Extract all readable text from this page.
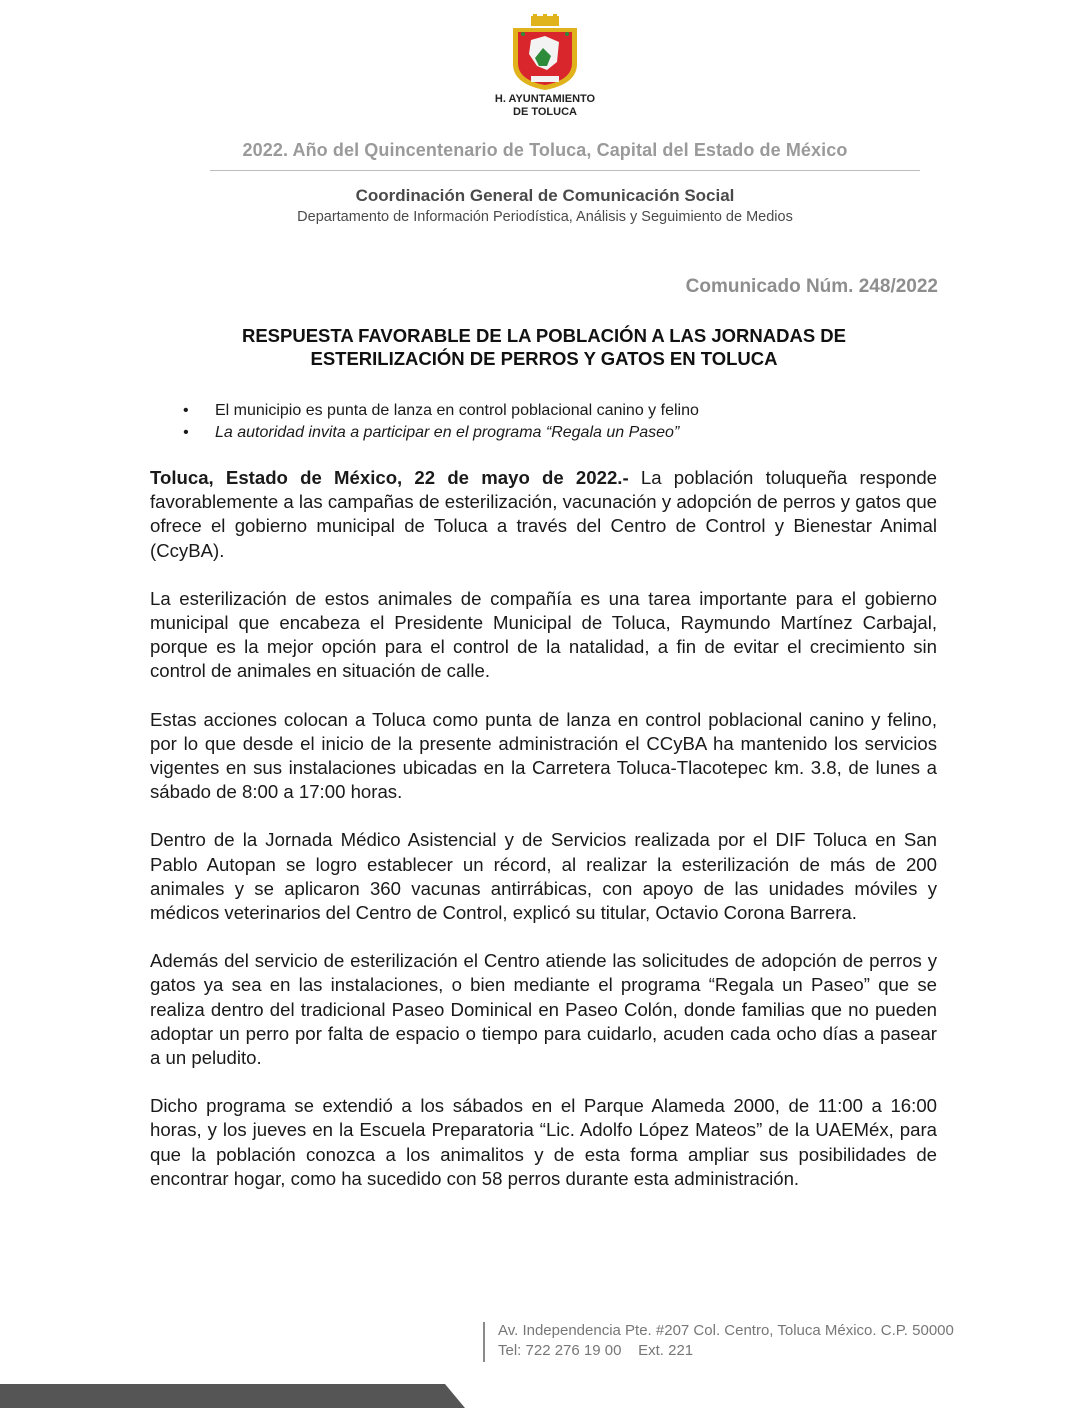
H. AYUNTAMIENTO
DE TOLUCA
2022. Año del Quincentenario de Toluca, Capital del Estado de México
Coordinación General de Comunicación Social
Departamento de Información Periodística, Análisis y Seguimiento de Medios
Comunicado Núm. 248/2022
RESPUESTA FAVORABLE DE LA POBLACIÓN A LAS JORNADAS DE
ESTERILIZACIÓN DE PERROS Y GATOS EN TOLUCA
• El municipio es punta de lanza en control poblacional canino y felino
• La autoridad invita a participar en el programa “Regala un Paseo”

Toluca, Estado de México, 22 de mayo de 2022.- La población toluqueña responde favorablemente a las campañas de esterilización, vacunación y adopción de perros y gatos que ofrece el gobierno municipal de Toluca a través del Centro de Control y Bienestar Animal (CcyBA).

La esterilización de estos animales de compañía es una tarea importante para el gobierno municipal que encabeza el Presidente Municipal de Toluca, Raymundo Martínez Carbajal, porque es la mejor opción para el control de la natalidad, a fin de evitar el crecimiento sin control de animales en situación de calle.

Estas acciones colocan a Toluca como punta de lanza en control poblacional canino y felino, por lo que desde el inicio de la presente administración el CCyBA ha mantenido los servicios vigentes en sus instalaciones ubicadas en la Carretera Toluca-Tlacotepec km. 3.8, de lunes a sábado de 8:00 a 17:00 horas.

Dentro de la Jornada Médico Asistencial y de Servicios realizada por el DIF Toluca en San Pablo Autopan se logro establecer un récord, al realizar la esterilización de más de 200 animales y se aplicaron 360 vacunas antirrábicas, con apoyo de las unidades móviles y médicos veterinarios del Centro de Control, explicó su titular, Octavio Corona Barrera.

Además del servicio de esterilización el Centro atiende las solicitudes de adopción de perros y gatos ya sea en las instalaciones, o bien mediante el programa “Regala un Paseo” que se realiza dentro del tradicional Paseo Dominical en Paseo Colón, donde familias que no pueden adoptar un perro por falta de espacio o tiempo para cuidarlo, acuden cada ocho días a pasear a un peludito.

Dicho programa se extendió a los sábados en el Parque Alameda 2000, de 11:00 a 16:00 horas, y los jueves en la Escuela Preparatoria “Lic. Adolfo López Mateos” de la UAEMéx, para que la población conozca a los animalitos y de esta forma ampliar sus posibilidades de encontrar hogar, como ha sucedido con 58 perros durante esta administración.

Av. Independencia Pte. #207 Col. Centro, Toluca México. C.P. 50000
Tel: 722 276 19 00    Ext. 221
